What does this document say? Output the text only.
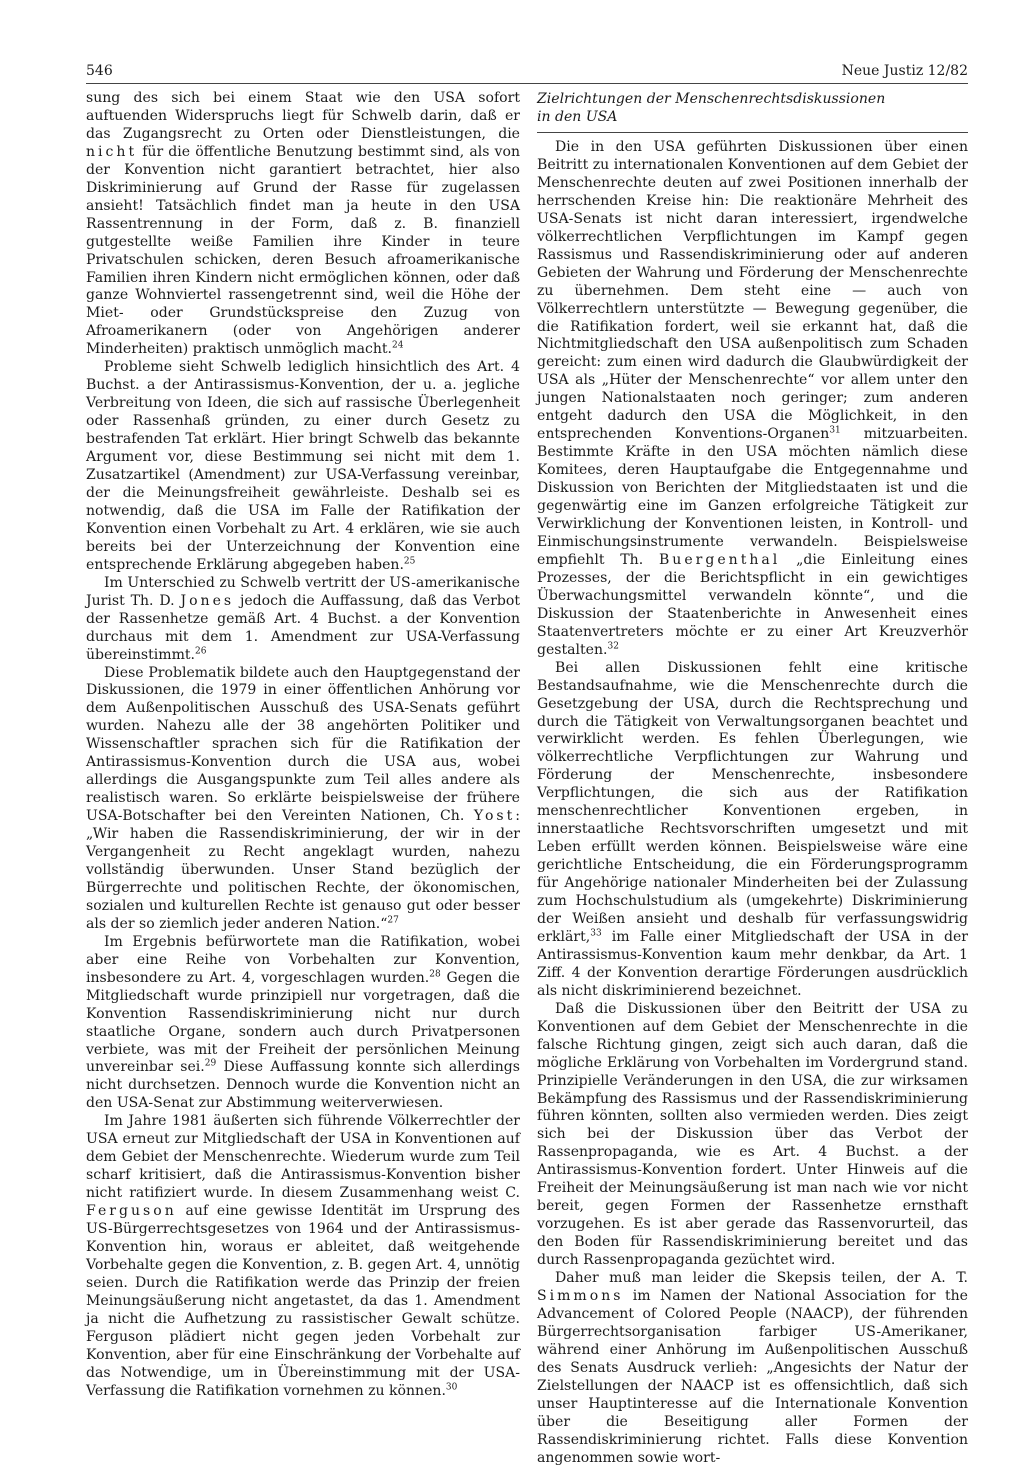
546	Neue Justiz 12/82

sung des sich bei einem Staat wie den USA sofort auftuenden Widerspruchs liegt für Schwelb darin, daß er das Zugangsrecht zu Orten oder Dienstleistungen, die nicht für die öffentliche Benutzung bestimmt sind, als von der Konvention nicht garantiert betrachtet, hier also Diskriminierung auf Grund der Rasse für zugelassen ansieht! Tatsächlich findet man ja heute in den USA Rassentrennung in der Form, daß z. B. finanziell gutgestellte weiße Familien ihre Kinder in teure Privatschulen schicken, deren Besuch afroamerikanische Familien ihren Kindern nicht ermöglichen können, oder daß ganze Wohnviertel rassengetrennt sind, weil die Höhe der Miet- oder Grundstückspreise den Zuzug von Afroamerikanern (oder von Angehörigen anderer Minderheiten) praktisch unmöglich macht.$^{24}$

Probleme sieht Schwelb lediglich hinsichtlich des Art. 4 Buchst. a der Antirassismus-Konvention, der u. a. jegliche Verbreitung von Ideen, die sich auf rassische Überlegenheit oder Rassenhaß gründen, zu einer durch Gesetz zu bestrafenden Tat erklärt. Hier bringt Schwelb das bekannte Argument vor, diese Bestimmung sei nicht mit dem 1. Zusatzartikel (Amendment) zur USA-Verfassung vereinbar, der die Meinungsfreiheit gewährleiste. Deshalb sei es notwendig, daß die USA im Falle der Ratifikation der Konvention einen Vorbehalt zu Art. 4 erklären, wie sie auch bereits bei der Unterzeichnung der Konvention eine entsprechende Erklärung abgegeben haben.$^{25}$

Im Unterschied zu Schwelb vertritt der US-amerikanische Jurist Th. D. Jones jedoch die Auffassung, daß das Verbot der Rassenhetze gemäß Art. 4 Buchst. a der Konvention durchaus mit dem 1. Amendment zur USA-Verfassung übereinstimmt.$^{26}$

Diese Problematik bildete auch den Hauptgegenstand der Diskussionen, die 1979 in einer öffentlichen Anhörung vor dem Außenpolitischen Ausschuß des USA-Senats geführt wurden. Nahezu alle der 38 angehörten Politiker und Wissenschaftler sprachen sich für die Ratifikation der Antirassismus-Konvention durch die USA aus, wobei allerdings die Ausgangspunkte zum Teil alles andere als realistisch waren. So erklärte beispielsweise der frühere USA-Botschafter bei den Vereinten Nationen, Ch. Yost: „Wir haben die Rassendiskriminierung, der wir in der Vergangenheit zu Recht angeklagt wurden, nahezu vollständig überwunden. Unser Stand bezüglich der Bürgerrechte und politischen Rechte, der ökonomischen, sozialen und kulturellen Rechte ist genauso gut oder besser als der so ziemlich jeder anderen Nation.“$^{27}$

Im Ergebnis befürwortete man die Ratifikation, wobei aber eine Reihe von Vorbehalten zur Konvention, insbesondere zu Art. 4, vorgeschlagen wurden.$^{28}$ Gegen die Mitgliedschaft wurde prinzipiell nur vorgetragen, daß die Konvention Rassendiskriminierung nicht nur durch staatliche Organe, sondern auch durch Privatpersonen verbiete, was mit der Freiheit der persönlichen Meinung unvereinbar sei.$^{29}$ Diese Auffassung konnte sich allerdings nicht durchsetzen. Dennoch wurde die Konvention nicht an den USA-Senat zur Abstimmung weiterverwiesen.

Im Jahre 1981 äußerten sich führende Völkerrechtler der USA erneut zur Mitgliedschaft der USA in Konventionen auf dem Gebiet der Menschenrechte. Wiederum wurde zum Teil scharf kritisiert, daß die Antirassismus-Konvention bisher nicht ratifiziert wurde. In diesem Zusammenhang weist C. Ferguson auf eine gewisse Identität im Ursprung des US-Bürgerrechtsgesetzes von 1964 und der Antirassismus-Konvention hin, woraus er ableitet, daß weitgehende Vorbehalte gegen die Konvention, z. B. gegen Art. 4, unnötig seien. Durch die Ratifikation werde das Prinzip der freien Meinungsäußerung nicht angetastet, da das 1. Amendment ja nicht die Aufhetzung zu rassistischer Gewalt schütze. Ferguson plädiert nicht gegen jeden Vorbehalt zur Konvention, aber für eine Einschränkung der Vorbehalte auf das Notwendige, um in Übereinstimmung mit der USA-Verfassung die Ratifikation vornehmen zu können.$^{30}$

Zielrichtungen der Menschenrechtsdiskussionen
in den USA

Die in den USA geführten Diskussionen über einen Beitritt zu internationalen Konventionen auf dem Gebiet der Menschenrechte deuten auf zwei Positionen innerhalb der herrschenden Kreise hin: Die reaktionäre Mehrheit des USA-Senats ist nicht daran interessiert, irgendwelche völkerrechtlichen Verpflichtungen im Kampf gegen Rassismus und Rassendiskriminierung oder auf anderen Gebieten der Wahrung und Förderung der Menschenrechte zu übernehmen. Dem steht eine — auch von Völkerrechtlern unterstützte — Bewegung gegenüber, die die Ratifikation fordert, weil sie erkannt hat, daß die Nichtmitgliedschaft den USA außenpolitisch zum Schaden gereicht: zum einen wird dadurch die Glaubwürdigkeit der USA als „Hüter der Menschenrechte“ vor allem unter den jungen Nationalstaaten noch geringer; zum anderen entgeht dadurch den USA die Möglichkeit, in den entsprechenden Konventions-Organen$^{31}$ mitzuarbeiten. Bestimmte Kräfte in den USA möchten nämlich diese Komitees, deren Hauptaufgabe die Entgegennahme und Diskussion von Berichten der Mitgliedstaaten ist und die gegenwärtig eine im Ganzen erfolgreiche Tätigkeit zur Verwirklichung der Konventionen leisten, in Kontroll- und Einmischungsinstrumente verwandeln. Beispielsweise empfiehlt Th. Buergenthal „die Einleitung eines Prozesses, der die Berichtspflicht in ein gewichtiges Überwachungsmittel verwandeln könnte“, und die Diskussion der Staatenberichte in Anwesenheit eines Staatenvertreters möchte er zu einer Art Kreuzverhör gestalten.$^{32}$

Bei allen Diskussionen fehlt eine kritische Bestandsaufnahme, wie die Menschenrechte durch die Gesetzgebung der USA, durch die Rechtsprechung und durch die Tätigkeit von Verwaltungsorganen beachtet und verwirklicht werden. Es fehlen Überlegungen, wie völkerrechtliche Verpflichtungen zur Wahrung und Förderung der Menschenrechte, insbesondere Verpflichtungen, die sich aus der Ratifikation menschenrechtlicher Konventionen ergeben, in innerstaatliche Rechtsvorschriften umgesetzt und mit Leben erfüllt werden können. Beispielsweise wäre eine gerichtliche Entscheidung, die ein Förderungsprogramm für Angehörige nationaler Minderheiten bei der Zulassung zum Hochschulstudium als (umgekehrte) Diskriminierung der Weißen ansieht und deshalb für verfassungswidrig erklärt,$^{33}$ im Falle einer Mitgliedschaft der USA in der Antirassismus-Konvention kaum mehr denkbar, da Art. 1 Ziff. 4 der Konvention derartige Förderungen ausdrücklich als nicht diskriminierend bezeichnet.

Daß die Diskussionen über den Beitritt der USA zu Konventionen auf dem Gebiet der Menschenrechte in die falsche Richtung gingen, zeigt sich auch daran, daß die mögliche Erklärung von Vorbehalten im Vordergrund stand. Prinzipielle Veränderungen in den USA, die zur wirksamen Bekämpfung des Rassismus und der Rassendiskriminierung führen könnten, sollten also vermieden werden. Dies zeigt sich bei der Diskussion über das Verbot der Rassenpropaganda, wie es Art. 4 Buchst. a der Antirassismus-Konvention fordert. Unter Hinweis auf die Freiheit der Meinungsäußerung ist man nach wie vor nicht bereit, gegen Formen der Rassenhetze ernsthaft vorzugehen. Es ist aber gerade das Rassenvorurteil, das den Boden für Rassendiskriminierung bereitet und das durch Rassenpropaganda gezüchtet wird.

Daher muß man leider die Skepsis teilen, der A. T. Simmons im Namen der National Association for the Advancement of Colored People (NAACP), der führenden Bürgerrechtsorganisation farbiger US-Amerikaner, während einer Anhörung im Außenpolitischen Ausschuß des Senats Ausdruck verlieh: „Angesichts der Natur der Zielstellungen der NAACP ist es offensichtlich, daß sich unser Hauptinteresse auf die Internationale Konvention über die Beseitigung aller Formen der Rassendiskriminierung richtet. Falls diese Konvention angenommen sowie wort-
